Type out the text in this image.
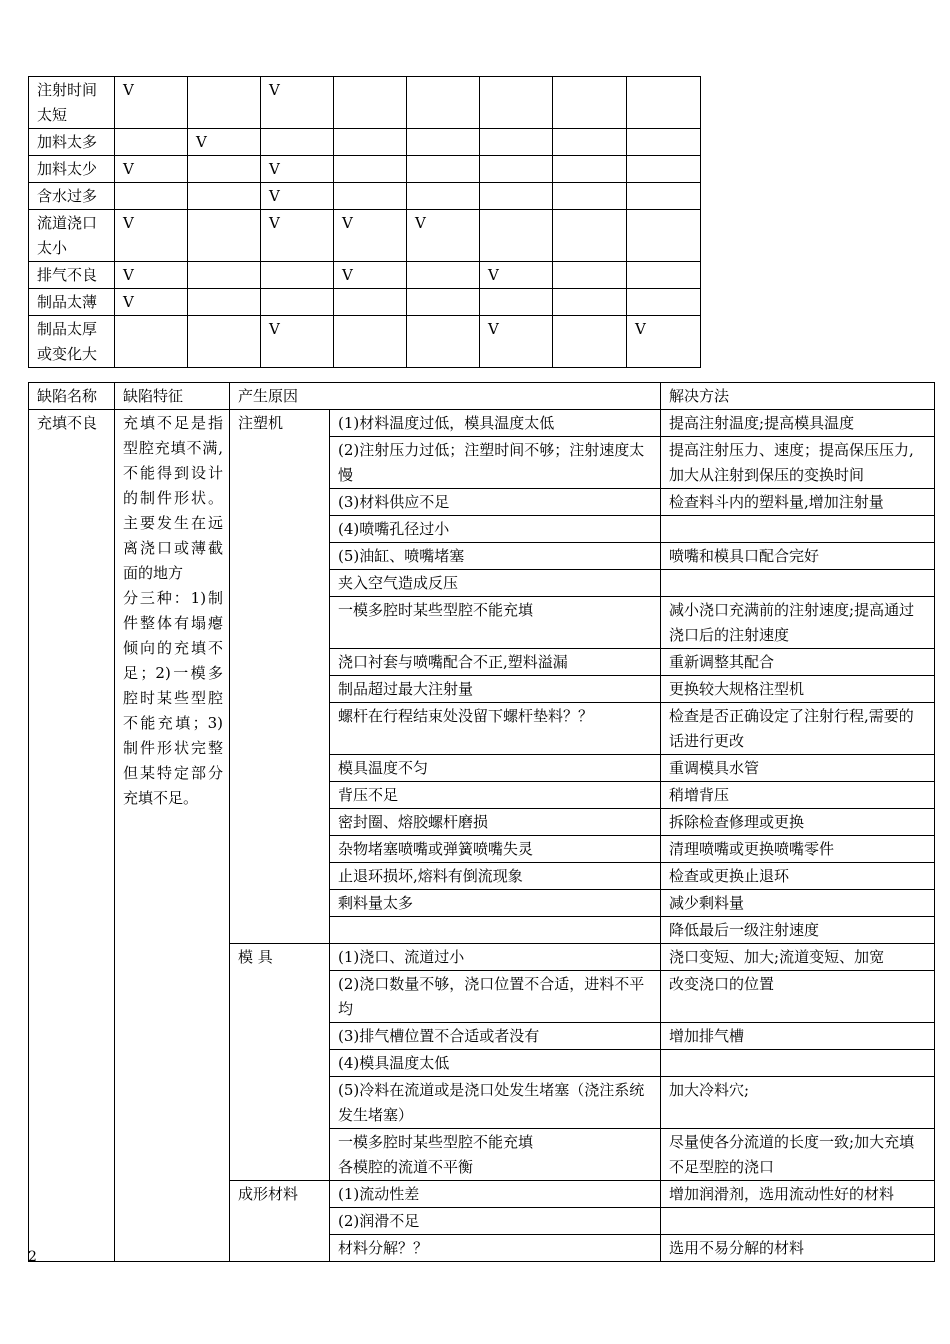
注射时间太短	V		V					
加料太多		V						
加料太少	V		V					
含水过多			V					
流道浇口太小	V		V	V	V			
排气不良	V			V		V		
制品太薄	V							
制品太厚或变化大			V			V		V
缺陷名称	缺陷特征	产生原因		解决方法
充填不良	充填不足是指型腔充填不满,不能得到设计的制件形状。主要发生在远离浇口或薄截面的地方
分三种：1)制件整体有塌瘪倾向的充填不足；2)一模多腔时某些型腔不能充填；3)制件形状完整但某特定部分充填不足。	注塑机	(1)材料温度过低，模具温度太低	提高注射温度;提高模具温度

			(2)注射压力过低；注塑时间不够；注射速度太慢	提高注射压力、速度；提高保压压力,加大从注射到保压的变换时间

			(3)材料供应不足	检查料斗内的塑料量,增加注射量

			(4)喷嘴孔径过小	

			(5)油缸、喷嘴堵塞	喷嘴和模具口配合完好

			夹入空气造成反压	

			一模多腔时某些型腔不能充填	减小浇口充满前的注射速度;提高通过浇口后的注射速度

			浇口衬套与喷嘴配合不正,塑料溢漏	重新调整其配合

			制品超过最大注射量	更换较大规格注型机

			螺杆在行程结束处没留下螺杆垫料？？	检查是否正确设定了注射行程,需要的话进行更改

			模具温度不匀	重调模具水管

			背压不足	稍增背压

			密封圈、熔胶螺杆磨损	拆除检查修理或更换

			杂物堵塞喷嘴或弹簧喷嘴失灵	清理喷嘴或更换喷嘴零件

			止退环损坏,熔料有倒流现象	检查或更换止退环

			剩料量太多	减少剩料量

				降低最后一级注射速度
		模 具	(1)浇口、流道过小	浇口变短、加大;流道变短、加宽

			(2)浇口数量不够，浇口位置不合适，进料不平均	改变浇口的位置

			(3)排气槽位置不合适或者没有	增加排气槽

			(4)模具温度太低	

			(5)冷料在流道或是浇口处发生堵塞（浇注系统发生堵塞）	加大冷料穴;

			一模多腔时某些型腔不能充填
各模腔的流道不平衡	尽量使各分流道的长度一致;加大充填不足型腔的浇口
		成形材料	(1)流动性差	增加润滑剂，选用流动性好的材料

			(2)润滑不足	

			材料分解？？	选用不易分解的材料
2
